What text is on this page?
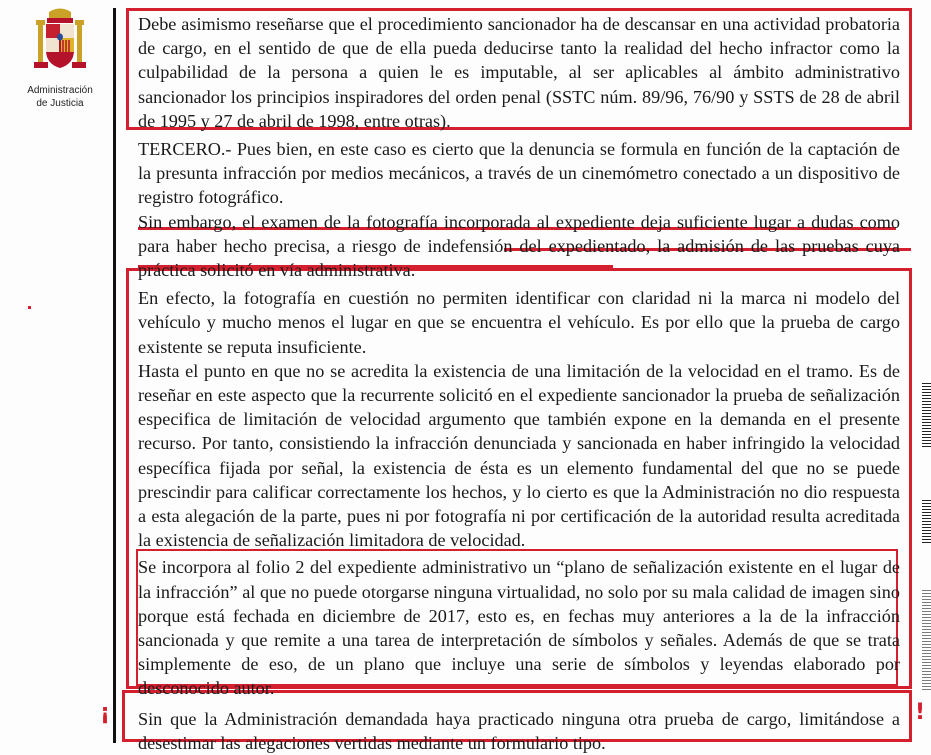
Administración
de Justicia
¡	!

Debe asimismo reseñarse que el procedimiento sancionador ha de descansar en una actividad probatoria de cargo, en el sentido de que de ella pueda deducirse tanto la realidad del hecho infractor como la culpabilidad de la persona a quien le es imputable, al ser aplicables al ámbito administrativo sancionador los principios inspiradores del orden penal (SSTC núm. 89/96, 76/90 y SSTS de 28 de abril de 1995 y 27 de abril de 1998, entre otras).

TERCERO.- Pues bien, en este caso es cierto que la denuncia se formula en función de la captación de la presunta infracción por medios mecánicos, a través de un cinemómetro conectado a un dispositivo de registro fotográfico.

Sin embargo, el examen de la fotografía incorporada al expediente deja suficiente lugar a dudas como para haber hecho precisa, a riesgo de indefensión del expedientado, la admisión de las pruebas cuya práctica solicitó en vía administrativa.

En efecto, la fotografía en cuestión no permiten identificar con claridad ni la marca ni modelo del vehículo y mucho menos el lugar en que se encuentra el vehículo. Es por ello que la prueba de cargo existente se reputa insuficiente.

Hasta el punto en que no se acredita la existencia de una limitación de la velocidad en el tramo. Es de reseñar en este aspecto que la recurrente solicitó en el expediente sancionador la prueba de señalización especifica de limitación de velocidad argumento que también expone en la demanda en el presente recurso. Por tanto, consistiendo la infracción denunciada y sancionada en haber infringido la velocidad específica fijada por señal, la existencia de ésta es un elemento fundamental del que no se puede prescindir para calificar correctamente los hechos, y lo cierto es que la Administración no dio respuesta a esta alegación de la parte, pues ni por fotografía ni por certificación de la autoridad resulta acreditada la existencia de señalización limitadora de velocidad.

Se incorpora al folio 2 del expediente administrativo un “plano de señalización existente en el lugar de la infracción” al que no puede otorgarse ninguna virtualidad, no solo por su mala calidad de imagen sino porque está fechada en diciembre de 2017, esto es, en fechas muy anteriores a la de la infracción sancionada y que remite a una tarea de interpretación de símbolos y señales. Además de que se trata simplemente de eso, de un plano que incluye una serie de símbolos y leyendas elaborado por desconocido autor.

Sin que la Administración demandada haya practicado ninguna otra prueba de cargo, limitándose a desestimar las alegaciones vertidas mediante un formulario tipo.
